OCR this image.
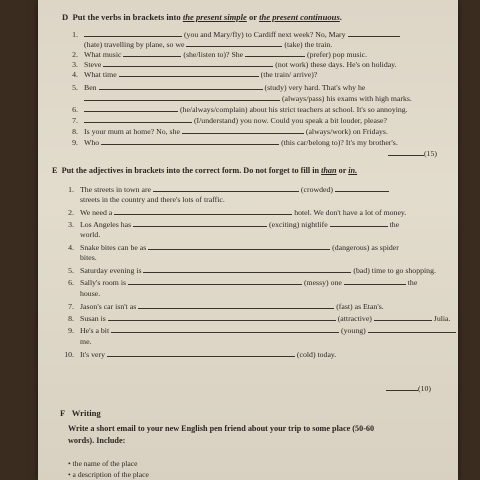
D Put the verbs in brackets into the present simple or the present continuous.
1.	(you and Mary/fly) to Cardiff next week? No, Mary
(hate) travelling by plane, so we	(take) the train.
2. What music	(she/listen to)? She	(prefer) pop music.
3. Steve	(not work) these days. He's on holiday.
4. What time	(the train/ arrive)?
5. Ben	(study) very hard. That's why he
(always/pass) his exams with high marks.
6.	(he/always/complain) about his strict teachers at school. It's so annoying.
7.	(I/understand) you now. Could you speak a bit louder, please?
8. Is your mum at home? No, she	(always/work) on Fridays.
9. Who	(this car/belong to)? It's my brother's.
(15)
E Put the adjectives in brackets into the correct form. Do not forget to fill in than or in.
1. The streets in town are	(crowded)
streets in the country and there's lots of traffic.
2. We need a	hotel. We don't have a lot of money.
3. Los Angeles has	(exciting) nightlife	the
world.
4. Snake bites can be as	(dangerous) as spider
bites.
5. Saturday evening is	(bad) time to go shopping.
6. Sally's room is	(messy) one	the
house.
7. Jason's car isn't as	(fast) as Etan's.
8. Susan is	(attractive)	Julia.
9. He's a bit	(young)
me.
10. It's very	(cold) today.
(10)
F Writing
Write a short email to your new English pen friend about your trip to some place (50-60
words). Include:
• the name of the place
• a description of the place
